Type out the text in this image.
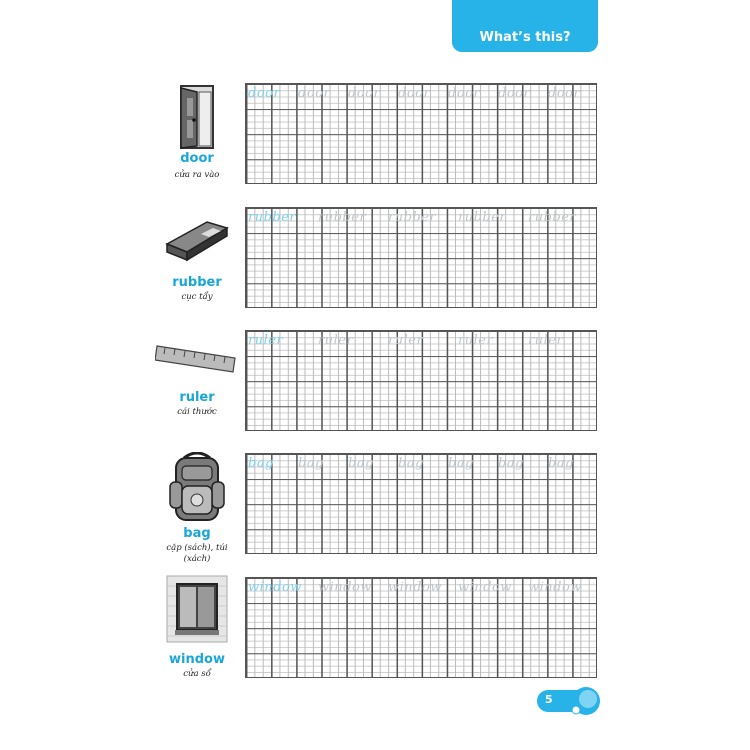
What’s this?
door
cửa ra vào
door	door	door	door	door	door	door
rubber
cục tẩy
rubber	rubber	rubber	rubber	rubber
ruler
cái thước
ruler	ruler	ruler	ruler	ruler
bag
cặp (sách), túi (xách)
bag	bag	bag	bag	bag	bag	bag
window
cửa sổ
window	window	window	window	window
5
